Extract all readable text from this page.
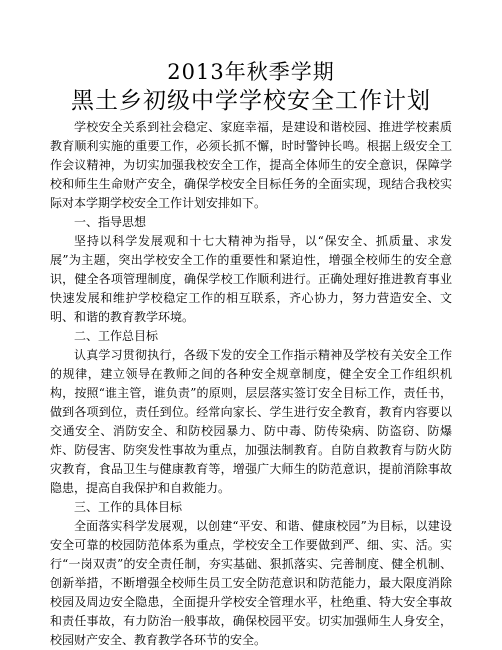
2013年秋季学期
黑土乡初级中学学校安全工作计划

学校安全关系到社会稳定、家庭幸福，是建设和谐校园、推进学校素质教育顺利实施的重要工作，必须长抓不懈，时时警钟长鸣。根据上级安全工作会议精神，为切实加强我校安全工作，提高全体师生的安全意识，保障学校和师生生命财产安全，确保学校安全目标任务的全面实现，现结合我校实际对本学期学校安全工作计划安排如下。

一、指导思想

坚持以科学发展观和十七大精神为指导，以“保安全、抓质量、求发展”为主题，突出学校安全工作的重要性和紧迫性，增强全校师生的安全意识，健全各项管理制度，确保学校工作顺利进行。正确处理好推进教育事业快速发展和维护学校稳定工作的相互联系，齐心协力，努力营造安全、文明、和谐的教育教学环境。

二、工作总目标

认真学习贯彻执行，各级下发的安全工作指示精神及学校有关安全工作的规律，建立领导在教师之间的各种安全规章制度，健全安全工作组织机构，按照“谁主管，谁负责”的原则，层层落实签订安全目标工作，责任书，做到各项到位，责任到位。经常向家长、学生进行安全教育，教育内容要以交通安全、消防安全、和防校园暴力、防中毒、防传染病、防盗窃、防爆炸、防侵害、防突发性事故为重点，加强法制教育。自防自救教育与防火防灾教育，食品卫生与健康教育等，增强广大师生的防范意识，提前消除事故隐患，提高自我保护和自救能力。

三、工作的具体目标

全面落实科学发展观，以创建“平安、和谐、健康校园”为目标，以建设安全可靠的校园防范体系为重点，学校安全工作要做到严、细、实、活。实行“一岗双责”的安全责任制，夯实基础、狠抓落实、完善制度、健全机制、创新举措，不断增强全校师生员工安全防范意识和防范能力，最大限度消除校园及周边安全隐患，全面提升学校安全管理水平，杜绝重、特大安全事故和责任事故，有力防治一般事故，确保校园平安。切实加强师生人身安全，校园财产安全、教育教学各环节的安全。
